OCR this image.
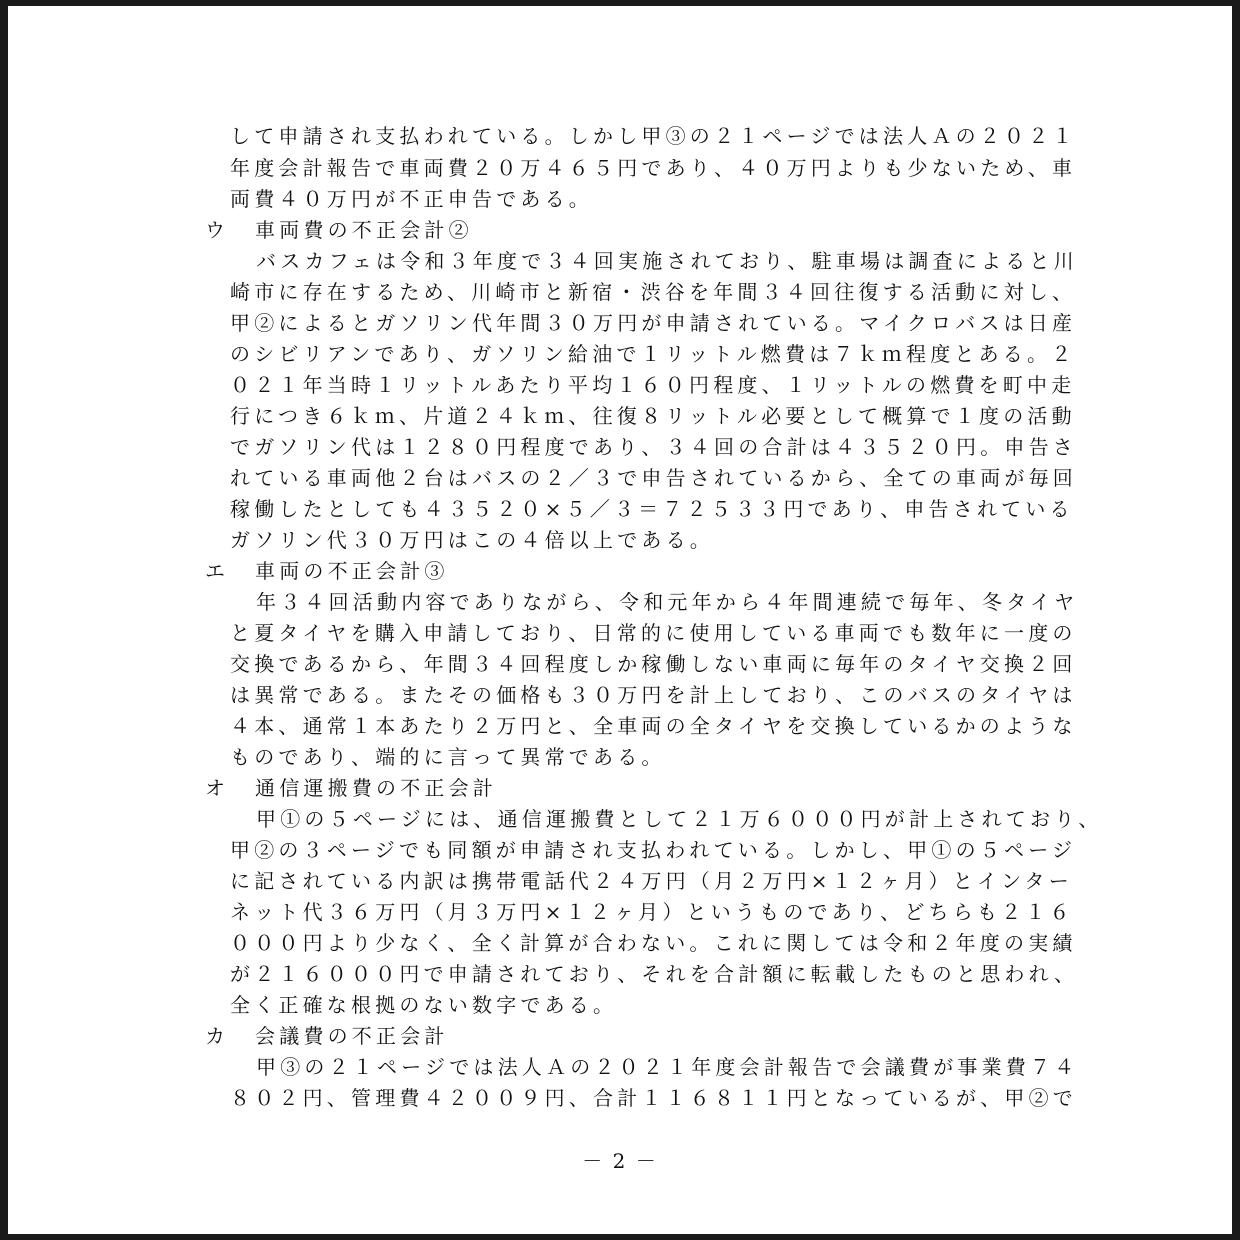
して申請され支払われている。しかし甲③の２１ページでは法人Ａの２０２１
年度会計報告で車両費２０万４６５円であり、４０万円よりも少ないため、車
両費４０万円が不正申告である。
ウ 車両費の不正会計②
バスカフェは令和３年度で３４回実施されており、駐車場は調査によると川
崎市に存在するため、川崎市と新宿・渋谷を年間３４回往復する活動に対し、
甲②によるとガソリン代年間３０万円が申請されている。マイクロバスは日産
のシビリアンであり、ガソリン給油で１リットル燃費は７ｋｍ程度とある。２
０２１年当時１リットルあたり平均１６０円程度、１リットルの燃費を町中走
行につき６ｋｍ、片道２４ｋｍ、往復８リットル必要として概算で１度の活動
でガソリン代は１２８０円程度であり、３４回の合計は４３５２０円。申告さ
れている車両他２台はバスの２／３で申告されているから、全ての車両が毎回
稼働したとしても４３５２０×５／３＝７２５３３円であり、申告されている
ガソリン代３０万円はこの４倍以上である。
エ 車両の不正会計③
年３４回活動内容でありながら、令和元年から４年間連続で毎年、冬タイヤ
と夏タイヤを購入申請しており、日常的に使用している車両でも数年に一度の
交換であるから、年間３４回程度しか稼働しない車両に毎年のタイヤ交換２回
は異常である。またその価格も３０万円を計上しており、このバスのタイヤは
４本、通常１本あたり２万円と、全車両の全タイヤを交換しているかのような
ものであり、端的に言って異常である。
オ 通信運搬費の不正会計
甲①の５ページには、通信運搬費として２１万６０００円が計上されており、
甲②の３ページでも同額が申請され支払われている。しかし、甲①の５ページ
に記されている内訳は携帯電話代２４万円（月２万円×１２ヶ月）とインター
ネット代３６万円（月３万円×１２ヶ月）というものであり、どちらも２１６
０００円より少なく、全く計算が合わない。これに関しては令和２年度の実績
が２１６０００円で申請されており、それを合計額に転載したものと思われ、
全く正確な根拠のない数字である。
カ 会議費の不正会計
甲③の２１ページでは法人Ａの２０２１年度会計報告で会議費が事業費７４
８０２円、管理費４２００９円、合計１１６８１１円となっているが、甲②で
－ 2 －
